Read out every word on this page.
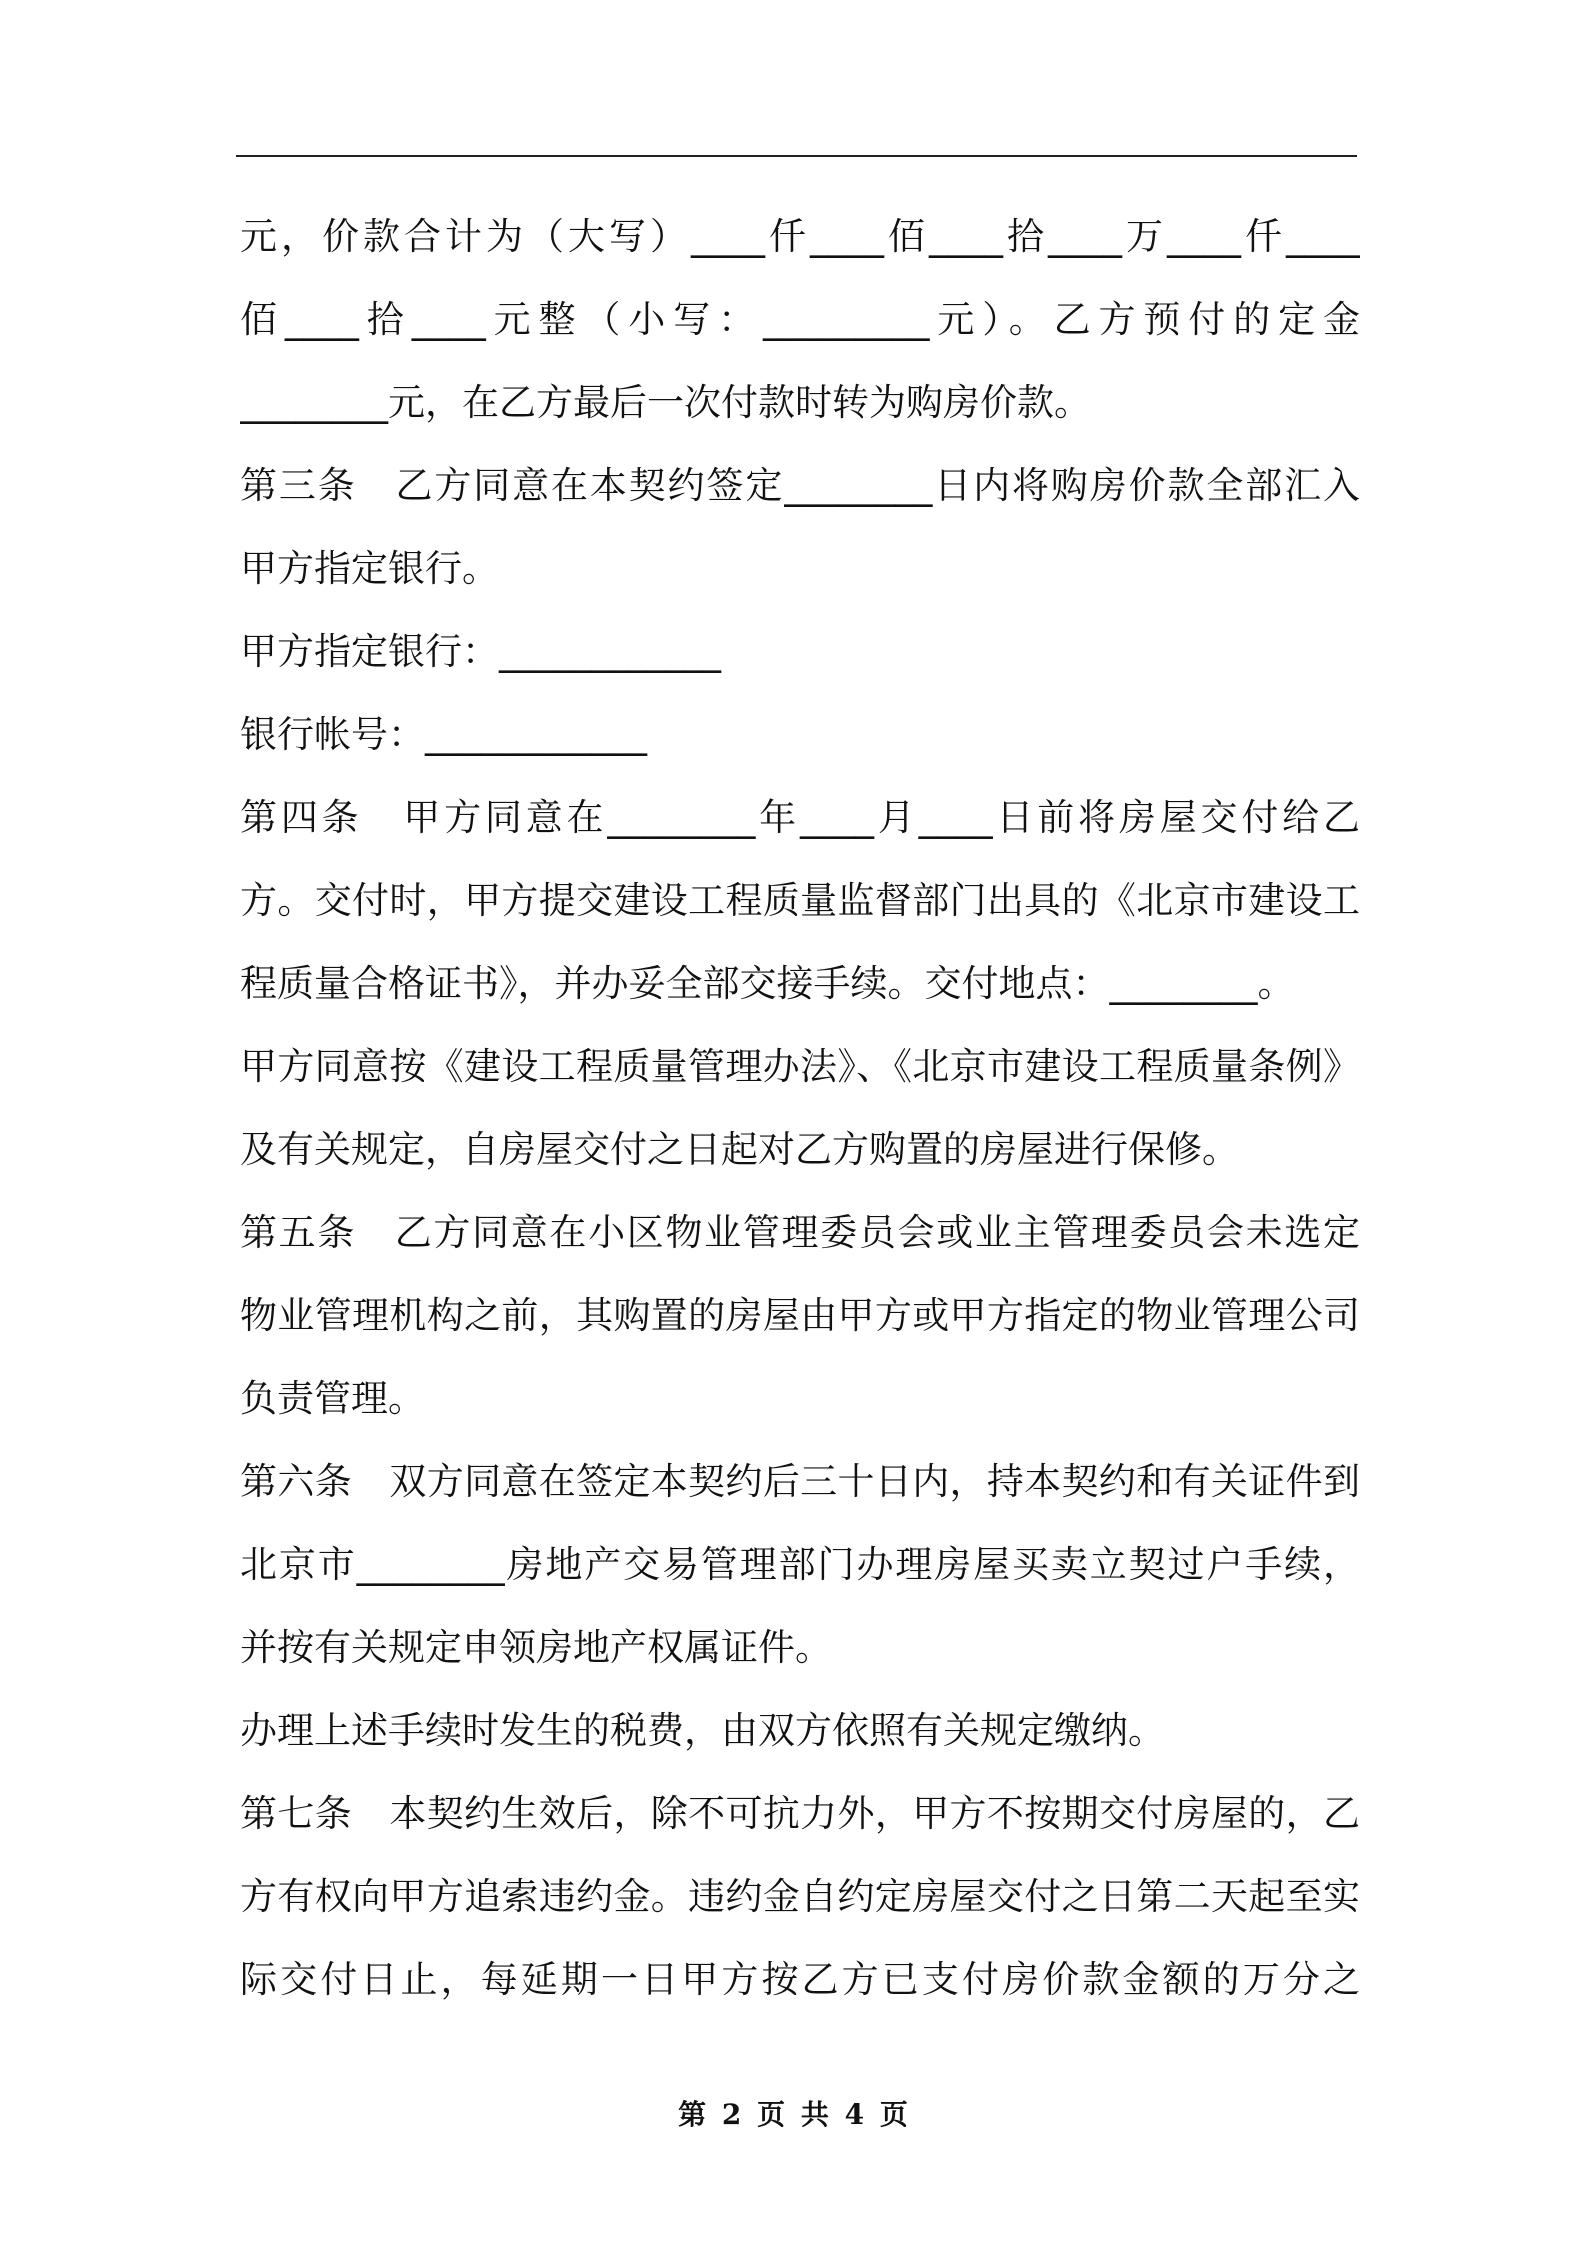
元，价款合计为（大写）____仟____佰____拾____万____仟____
佰____拾____元整（小写：_________元）。乙方预付的定金
________元，在乙方最后一次付款时转为购房价款。
第三条　乙方同意在本契约签定________日内将购房价款全部汇入
甲方指定银行。
甲方指定银行：____________
银行帐号：____________
第四条　甲方同意在________年____月____日前将房屋交付给乙
方。交付时，甲方提交建设工程质量监督部门出具的《北京市建设工
程质量合格证书》，并办妥全部交接手续。交付地点：________。
甲方同意按《建设工程质量管理办法》、《北京市建设工程质量条例》
及有关规定，自房屋交付之日起对乙方购置的房屋进行保修。
第五条　乙方同意在小区物业管理委员会或业主管理委员会未选定
物业管理机构之前，其购置的房屋由甲方或甲方指定的物业管理公司
负责管理。
第六条　双方同意在签定本契约后三十日内，持本契约和有关证件到
北京市________房地产交易管理部门办理房屋买卖立契过户手续，
并按有关规定申领房地产权属证件。
办理上述手续时发生的税费，由双方依照有关规定缴纳。
第七条　本契约生效后，除不可抗力外，甲方不按期交付房屋的，乙
方有权向甲方追索违约金。违约金自约定房屋交付之日第二天起至实
际交付日止，每延期一日甲方按乙方已支付房价款金额的万分之
第 2 页 共 4 页
